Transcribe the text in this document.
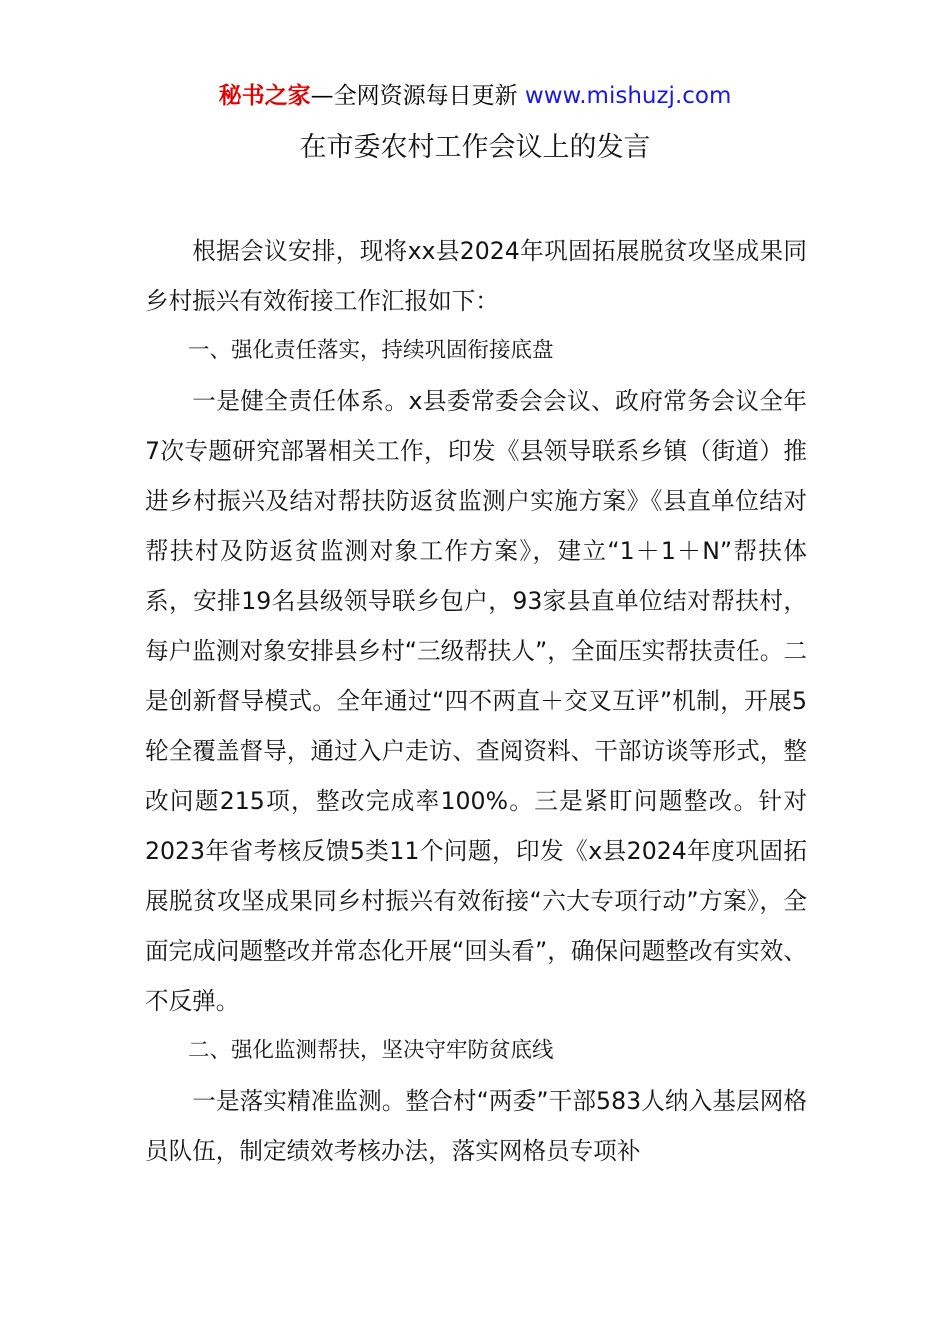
秘书之家—全网资源每日更新 www.mishuzj.com
在市委农村工作会议上的发言

根据会议安排，现将xx县2024年巩固拓展脱贫攻坚成果同乡村振兴有效衔接工作汇报如下：

一、强化责任落实，持续巩固衔接底盘

一是健全责任体系。x县委常委会会议、政府常务会议全年7次专题研究部署相关工作，印发《县领导联系乡镇（街道）推进乡村振兴及结对帮扶防返贫监测户实施方案》《县直单位结对帮扶村及防返贫监测对象工作方案》，建立“1＋1＋N”帮扶体系，安排19名县级领导联乡包户，93家县直单位结对帮扶村，每户监测对象安排县乡村“三级帮扶人”，全面压实帮扶责任。二是创新督导模式。全年通过“四不两直＋交叉互评”机制，开展5轮全覆盖督导，通过入户走访、查阅资料、干部访谈等形式，整改问题215项，整改完成率100%。三是紧盯问题整改。针对2023年省考核反馈5类11个问题，印发《x县2024年度巩固拓展脱贫攻坚成果同乡村振兴有效衔接“六大专项行动”方案》，全面完成问题整改并常态化开展“回头看”，确保问题整改有实效、不反弹。

二、强化监测帮扶，坚决守牢防贫底线

一是落实精准监测。整合村“两委”干部583人纳入基层网格员队伍，制定绩效考核办法，落实网格员专项补
